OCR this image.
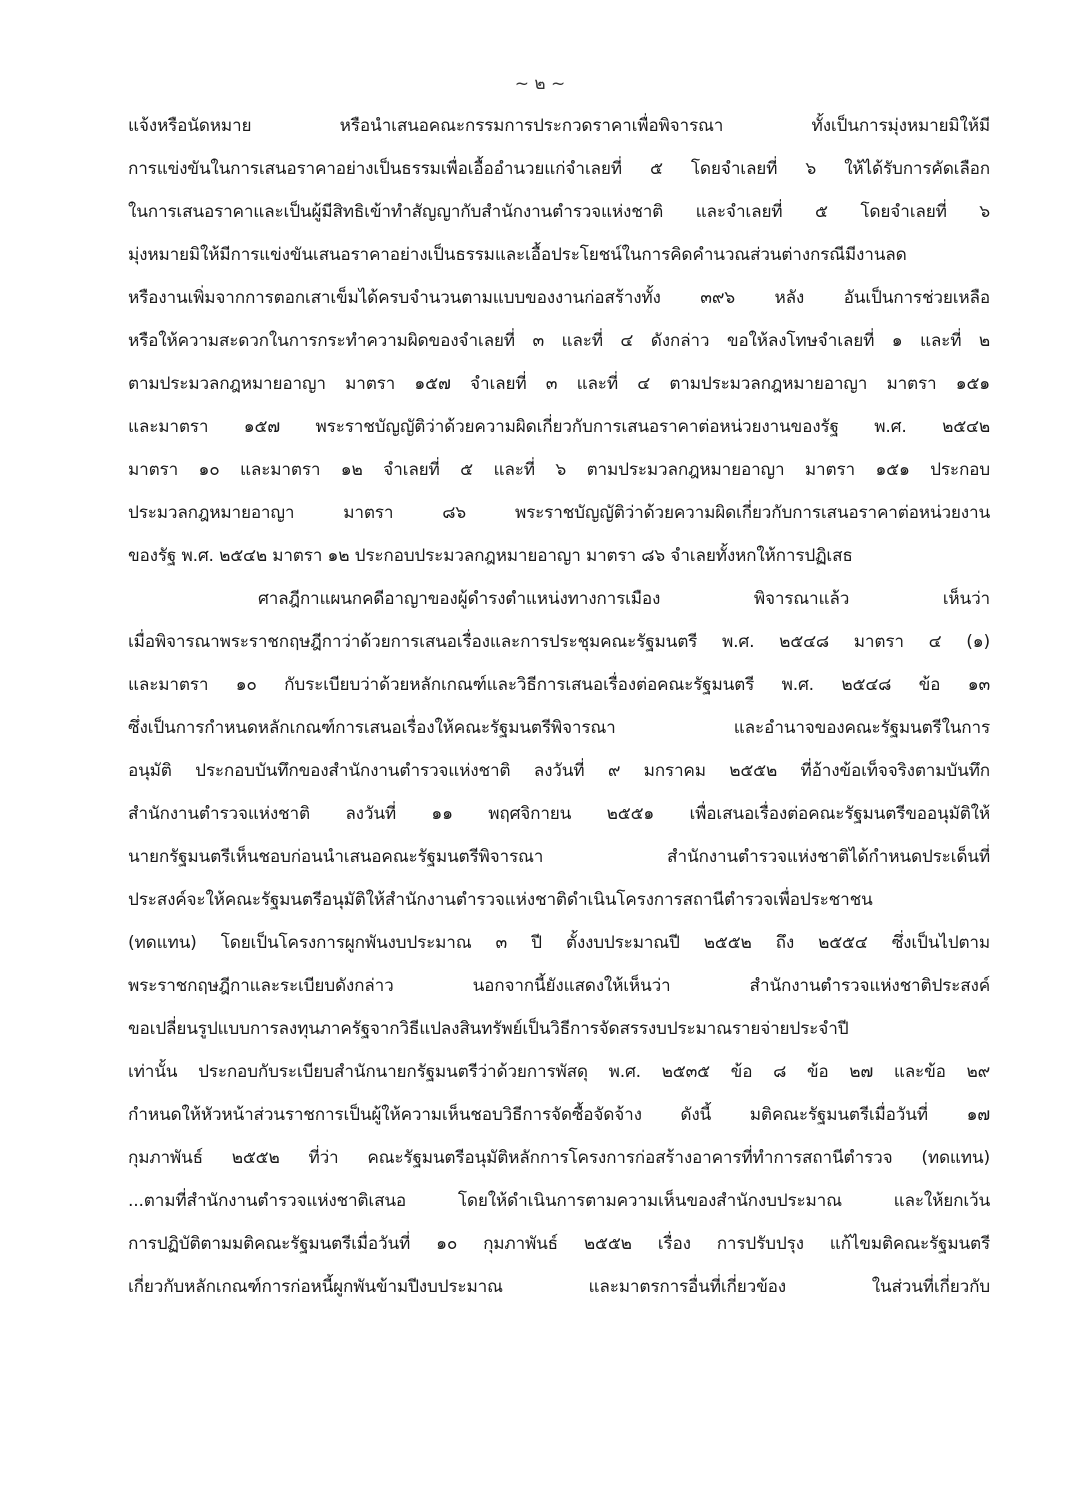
~ ๒ ~
แจ้งหรือนัดหมาย หรือนำเสนอคณะกรรมการประกวดราคาเพื่อพิจารณา ทั้งเป็นการมุ่งหมายมิให้มี
การแข่งขันในการเสนอราคาอย่างเป็นธรรมเพื่อเอื้ออำนวยแก่จำเลยที่ ๕ โดยจำเลยที่ ๖ ให้ได้รับการคัดเลือก
ในการเสนอราคาและเป็นผู้มีสิทธิเข้าทำสัญญากับสำนักงานตำรวจแห่งชาติ และจำเลยที่ ๕ โดยจำเลยที่ ๖
มุ่งหมายมิให้มีการแข่งขันเสนอราคาอย่างเป็นธรรมและเอื้อประโยชน์ในการคิดคำนวณส่วนต่างกรณีมีงานลด
หรืองานเพิ่มจากการตอกเสาเข็มได้ครบจำนวนตามแบบของงานก่อสร้างทั้ง ๓๙๖ หลัง อันเป็นการช่วยเหลือ
หรือให้ความสะดวกในการกระทำความผิดของจำเลยที่ ๓ และที่ ๔ ดังกล่าว ขอให้ลงโทษจำเลยที่ ๑ และที่ ๒
ตามประมวลกฎหมายอาญา มาตรา ๑๕๗ จำเลยที่ ๓ และที่ ๔ ตามประมวลกฎหมายอาญา มาตรา ๑๕๑
และมาตรา ๑๕๗ พระราชบัญญัติว่าด้วยความผิดเกี่ยวกับการเสนอราคาต่อหน่วยงานของรัฐ พ.ศ. ๒๕๔๒
มาตรา ๑๐ และมาตรา ๑๒ จำเลยที่ ๕ และที่ ๖ ตามประมวลกฎหมายอาญา มาตรา ๑๕๑ ประกอบ
ประมวลกฎหมายอาญา มาตรา ๘๖ พระราชบัญญัติว่าด้วยความผิดเกี่ยวกับการเสนอราคาต่อหน่วยงาน
ของรัฐ พ.ศ. ๒๕๔๒ มาตรา ๑๒ ประกอบประมวลกฎหมายอาญา มาตรา ๘๖ จำเลยทั้งหกให้การปฏิเสธ
ศาลฎีกาแผนกคดีอาญาของผู้ดำรงตำแหน่งทางการเมือง พิจารณาแล้ว เห็นว่า
เมื่อพิจารณาพระราชกฤษฎีกาว่าด้วยการเสนอเรื่องและการประชุมคณะรัฐมนตรี พ.ศ. ๒๕๔๘ มาตรา ๔ (๑)
และมาตรา ๑๐ กับระเบียบว่าด้วยหลักเกณฑ์และวิธีการเสนอเรื่องต่อคณะรัฐมนตรี พ.ศ. ๒๕๔๘ ข้อ ๑๓
ซึ่งเป็นการกำหนดหลักเกณฑ์การเสนอเรื่องให้คณะรัฐมนตรีพิจารณา และอำนาจของคณะรัฐมนตรีในการ
อนุมัติ ประกอบบันทึกของสำนักงานตำรวจแห่งชาติ ลงวันที่ ๙ มกราคม ๒๕๕๒ ที่อ้างข้อเท็จจริงตามบันทึก
สำนักงานตำรวจแห่งชาติ ลงวันที่ ๑๑ พฤศจิกายน ๒๕๕๑ เพื่อเสนอเรื่องต่อคณะรัฐมนตรีขออนุมัติให้
นายกรัฐมนตรีเห็นชอบก่อนนำเสนอคณะรัฐมนตรีพิจารณา สำนักงานตำรวจแห่งชาติได้กำหนดประเด็นที่
ประสงค์จะให้คณะรัฐมนตรีอนุมัติให้สำนักงานตำรวจแห่งชาติดำเนินโครงการสถานีตำรวจเพื่อประชาชน
(ทดแทน) โดยเป็นโครงการผูกพันงบประมาณ ๓ ปี ตั้งงบประมาณปี ๒๕๕๒ ถึง ๒๕๕๔ ซึ่งเป็นไปตาม
พระราชกฤษฎีกาและระเบียบดังกล่าว นอกจากนี้ยังแสดงให้เห็นว่า สำนักงานตำรวจแห่งชาติประสงค์
ขอเปลี่ยนรูปแบบการลงทุนภาครัฐจากวิธีแปลงสินทรัพย์เป็นวิธีการจัดสรรงบประมาณรายจ่ายประจำปี
เท่านั้น ประกอบกับระเบียบสำนักนายกรัฐมนตรีว่าด้วยการพัสดุ พ.ศ. ๒๕๓๕ ข้อ ๘ ข้อ ๒๗ และข้อ ๒๙
กำหนดให้หัวหน้าส่วนราชการเป็นผู้ให้ความเห็นชอบวิธีการจัดซื้อจัดจ้าง ดังนี้ มติคณะรัฐมนตรีเมื่อวันที่ ๑๗
กุมภาพันธ์ ๒๕๕๒ ที่ว่า คณะรัฐมนตรีอนุมัติหลักการโครงการก่อสร้างอาคารที่ทำการสถานีตำรวจ (ทดแทน)
...ตามที่สำนักงานตำรวจแห่งชาติเสนอ โดยให้ดำเนินการตามความเห็นของสำนักงบประมาณ และให้ยกเว้น
การปฏิบัติตามมติคณะรัฐมนตรีเมื่อวันที่ ๑๐ กุมภาพันธ์ ๒๕๕๒ เรื่อง การปรับปรุง แก้ไขมติคณะรัฐมนตรี
เกี่ยวกับหลักเกณฑ์การก่อหนี้ผูกพันข้ามปีงบประมาณ และมาตรการอื่นที่เกี่ยวข้อง ในส่วนที่เกี่ยวกับ
